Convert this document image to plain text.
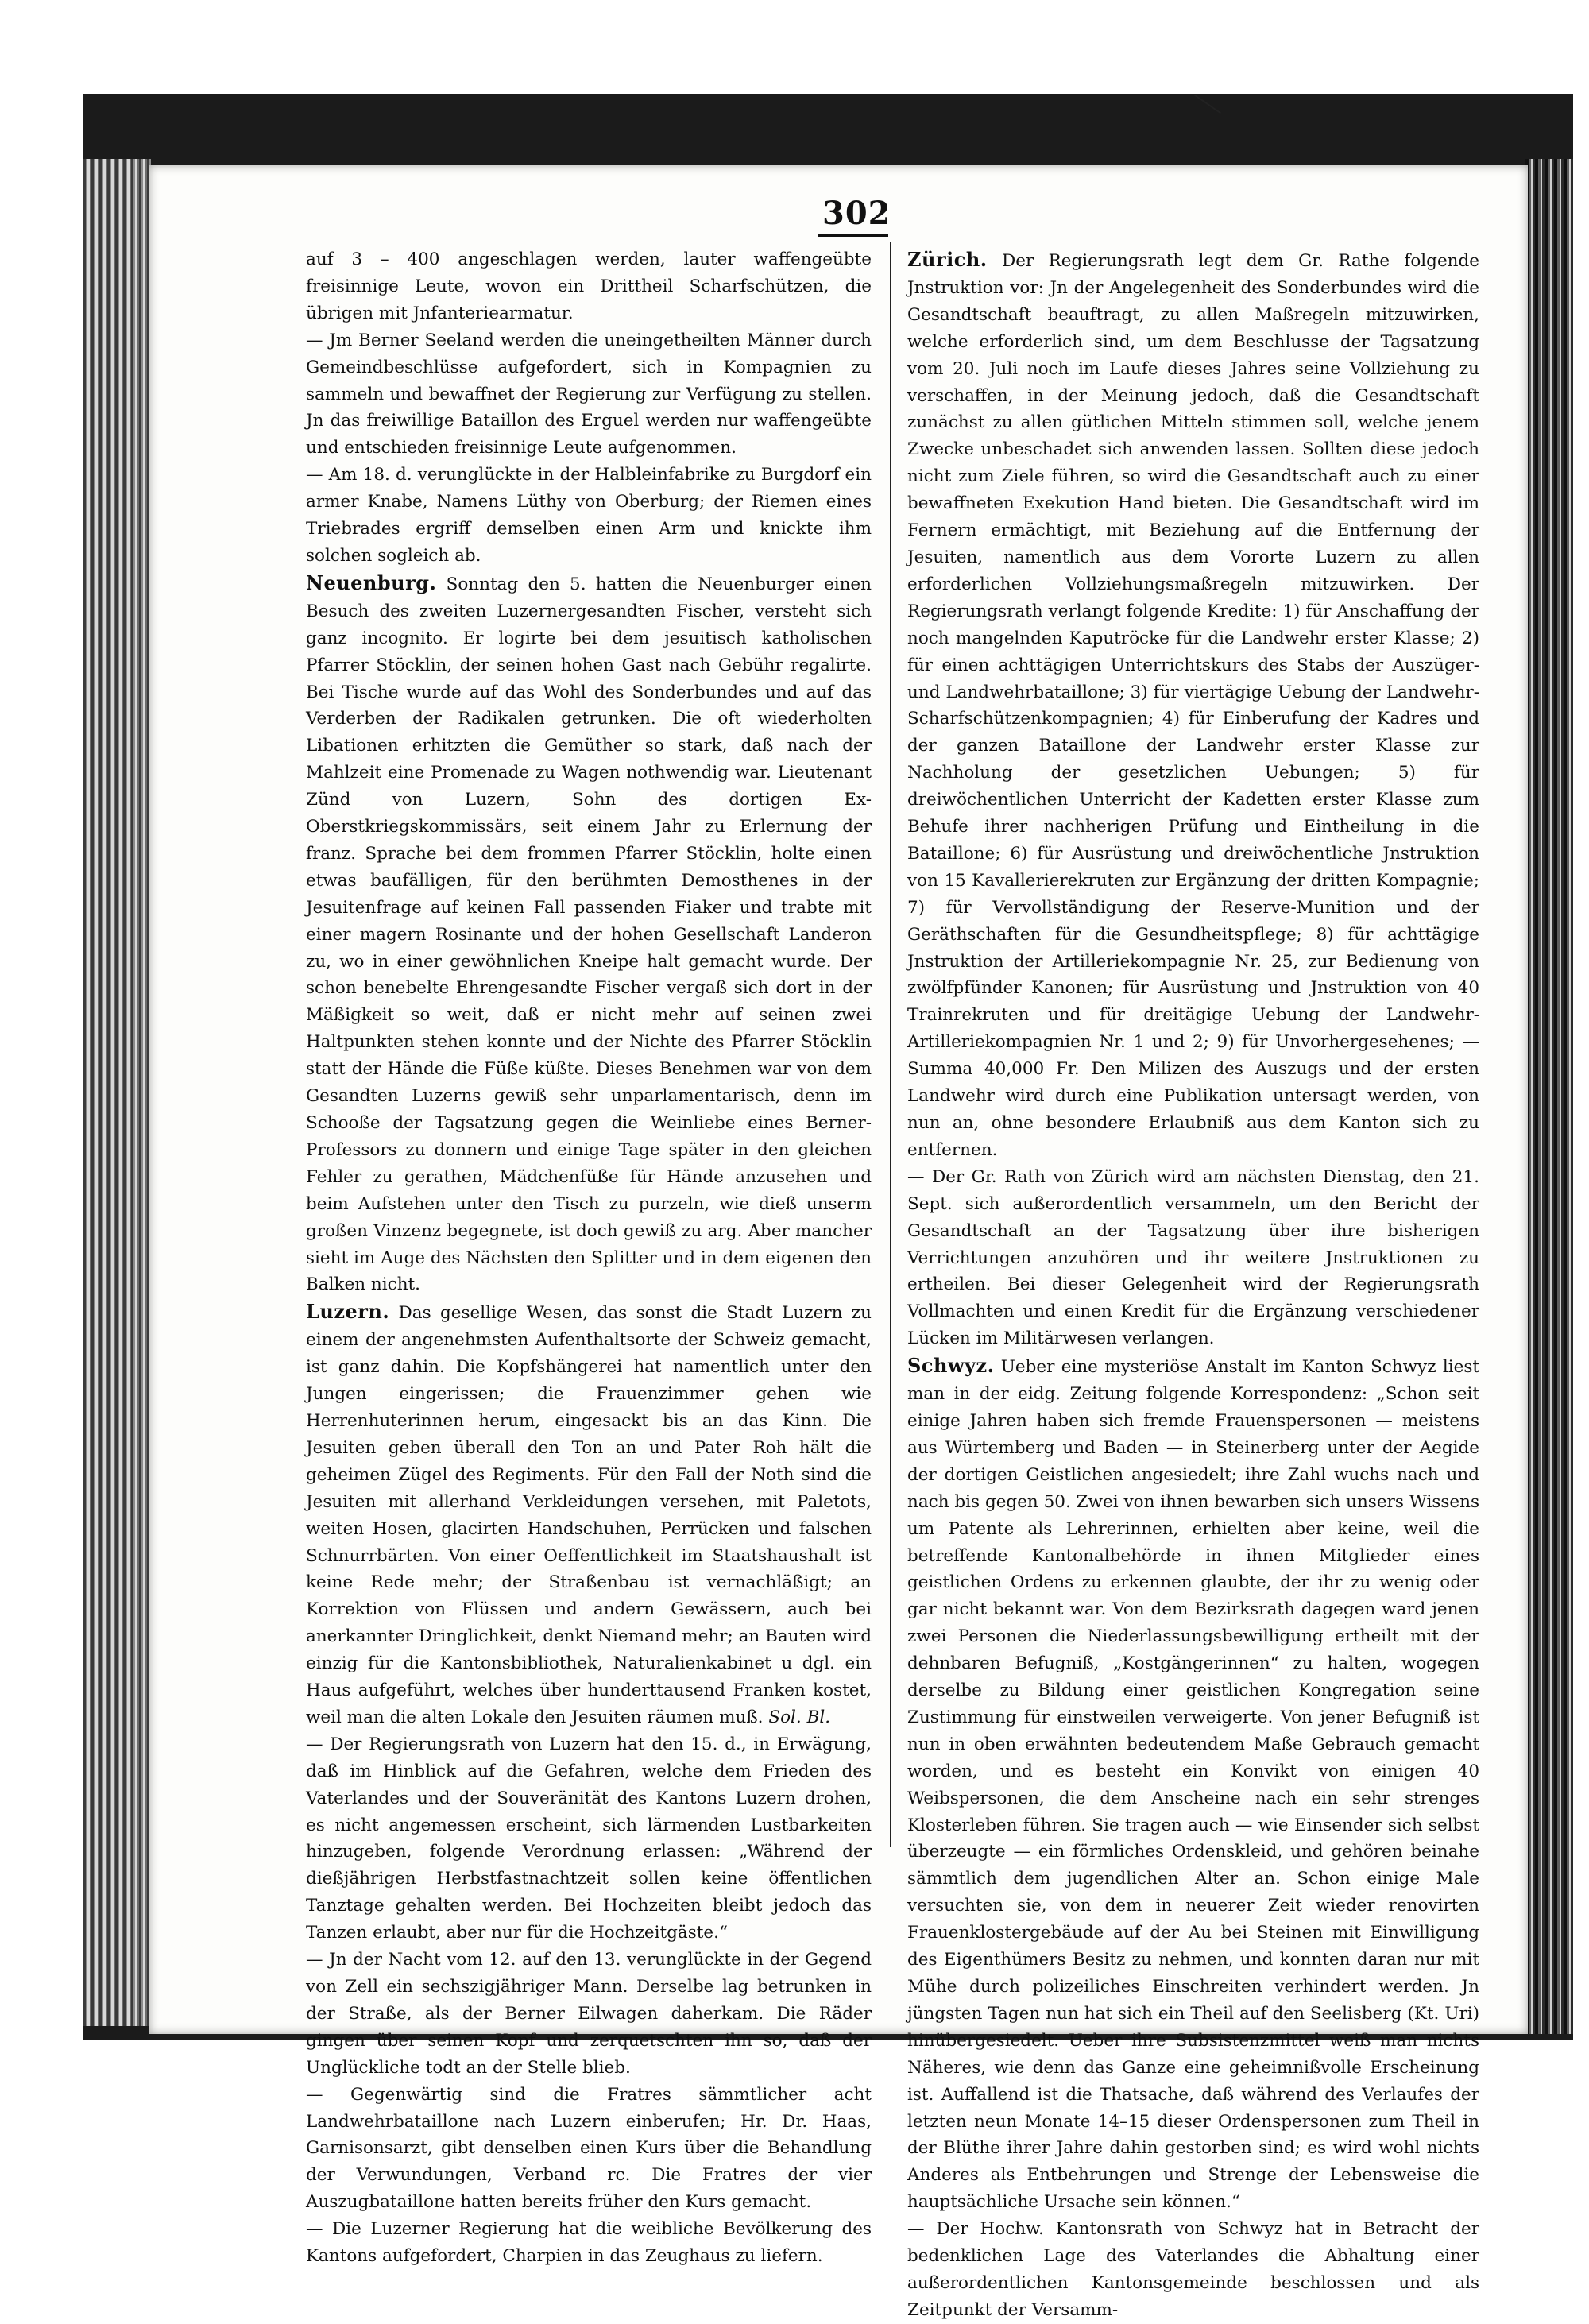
302

auf 3 – 400 angeschlagen werden, lauter waffengeübte freisinnige Leute, wovon ein Drittheil Scharfschützen, die übrigen mit Jnfanteriearmatur.

— Jm Berner Seeland werden die uneingetheilten Männer durch Gemeindbeschlüsse aufgefordert, sich in Kompagnien zu sammeln und bewaffnet der Regierung zur Verfügung zu stellen. Jn das freiwillige Bataillon des Erguel werden nur waffengeübte und entschieden freisinnige Leute aufgenommen.

— Am 18. d. verunglückte in der Halbleinfabrike zu Burgdorf ein armer Knabe, Namens Lüthy von Oberburg; der Riemen eines Triebrades ergriff demselben einen Arm und knickte ihm solchen sogleich ab.

Neuenburg. Sonntag den 5. hatten die Neuenburger einen Besuch des zweiten Luzernergesandten Fischer, versteht sich ganz incognito. Er logirte bei dem jesuitisch katholischen Pfarrer Stöcklin, der seinen hohen Gast nach Gebühr regalirte. Bei Tische wurde auf das Wohl des Sonderbundes und auf das Verderben der Radikalen getrunken. Die oft wiederholten Libationen erhitzten die Gemüther so stark, daß nach der Mahlzeit eine Promenade zu Wagen nothwendig war. Lieutenant Zünd von Luzern, Sohn des dortigen Ex-Oberstkriegskommissärs, seit einem Jahr zu Erlernung der franz. Sprache bei dem frommen Pfarrer Stöcklin, holte einen etwas baufälligen, für den berühmten Demosthenes in der Jesuitenfrage auf keinen Fall passenden Fiaker und trabte mit einer magern Rosinante und der hohen Gesellschaft Landeron zu, wo in einer gewöhnlichen Kneipe halt gemacht wurde. Der schon benebelte Ehrengesandte Fischer vergaß sich dort in der Mäßigkeit so weit, daß er nicht mehr auf seinen zwei Haltpunkten stehen konnte und der Nichte des Pfarrer Stöcklin statt der Hände die Füße küßte. Dieses Benehmen war von dem Gesandten Luzerns gewiß sehr unparlamentarisch, denn im Schooße der Tagsatzung gegen die Weinliebe eines Berner-Professors zu donnern und einige Tage später in den gleichen Fehler zu gerathen, Mädchenfüße für Hände anzusehen und beim Aufstehen unter den Tisch zu purzeln, wie dieß unserm großen Vinzenz begegnete, ist doch gewiß zu arg. Aber mancher sieht im Auge des Nächsten den Splitter und in dem eigenen den Balken nicht.

Luzern. Das gesellige Wesen, das sonst die Stadt Luzern zu einem der angenehmsten Aufenthaltsorte der Schweiz gemacht, ist ganz dahin. Die Kopfshängerei hat namentlich unter den Jungen eingerissen; die Frauenzimmer gehen wie Herrenhuterinnen herum, eingesackt bis an das Kinn. Die Jesuiten geben überall den Ton an und Pater Roh hält die geheimen Zügel des Regiments. Für den Fall der Noth sind die Jesuiten mit allerhand Verkleidungen versehen, mit Paletots, weiten Hosen, glacirten Handschuhen, Perrücken und falschen Schnurrbärten. Von einer Oeffentlichkeit im Staatshaushalt ist keine Rede mehr; der Straßenbau ist vernachläßigt; an Korrektion von Flüssen und andern Gewässern, auch bei anerkannter Dringlichkeit, denkt Niemand mehr; an Bauten wird einzig für die Kantonsbibliothek, Naturalienkabinet u dgl. ein Haus aufgeführt, welches über hunderttausend Franken kostet, weil man die alten Lokale den Jesuiten räumen muß. Sol. Bl.

— Der Regierungsrath von Luzern hat den 15. d., in Erwägung, daß im Hinblick auf die Gefahren, welche dem Frieden des Vaterlandes und der Souveränität des Kantons Luzern drohen, es nicht angemessen erscheint, sich lärmenden Lustbarkeiten hinzugeben, folgende Verordnung erlassen: „Während der dießjährigen Herbstfastnachtzeit sollen keine öffentlichen Tanztage gehalten werden. Bei Hochzeiten bleibt jedoch das Tanzen erlaubt, aber nur für die Hochzeitgäste.“

— Jn der Nacht vom 12. auf den 13. verunglückte in der Gegend von Zell ein sechszigjähriger Mann. Derselbe lag betrunken in der Straße, als der Berner Eilwagen daherkam. Die Räder gingen über seinen Kopf und zerquetschten ihn so, daß der Unglückliche todt an der Stelle blieb.

— Gegenwärtig sind die Fratres sämmtlicher acht Landwehrbataillone nach Luzern einberufen; Hr. Dr. Haas, Garnisonsarzt, gibt denselben einen Kurs über die Behandlung der Verwundungen, Verband rc. Die Fratres der vier Auszugbataillone hatten bereits früher den Kurs gemacht.

— Die Luzerner Regierung hat die weibliche Bevölkerung des Kantons aufgefordert, Charpien in das Zeughaus zu liefern.

Zürich. Der Regierungsrath legt dem Gr. Rathe folgende Jnstruktion vor: Jn der Angelegenheit des Sonderbundes wird die Gesandtschaft beauftragt, zu allen Maßregeln mitzuwirken, welche erforderlich sind, um dem Beschlusse der Tagsatzung vom 20. Juli noch im Laufe dieses Jahres seine Vollziehung zu verschaffen, in der Meinung jedoch, daß die Gesandtschaft zunächst zu allen gütlichen Mitteln stimmen soll, welche jenem Zwecke unbeschadet sich anwenden lassen. Sollten diese jedoch nicht zum Ziele führen, so wird die Gesandtschaft auch zu einer bewaffneten Exekution Hand bieten. Die Gesandtschaft wird im Fernern ermächtigt, mit Beziehung auf die Entfernung der Jesuiten, namentlich aus dem Vororte Luzern zu allen erforderlichen Vollziehungsmaßregeln mitzuwirken. Der Regierungsrath verlangt folgende Kredite: 1) für Anschaffung der noch mangelnden Kaputröcke für die Landwehr erster Klasse; 2) für einen achttägigen Unterrichtskurs des Stabs der Auszüger- und Landwehrbataillone; 3) für viertägige Uebung der Landwehr-Scharfschützenkompagnien; 4) für Einberufung der Kadres und der ganzen Bataillone der Landwehr erster Klasse zur Nachholung der gesetzlichen Uebungen; 5) für dreiwöchentlichen Unterricht der Kadetten erster Klasse zum Behufe ihrer nachherigen Prüfung und Eintheilung in die Bataillone; 6) für Ausrüstung und dreiwöchentliche Jnstruktion von 15 Kavallerierekruten zur Ergänzung der dritten Kompagnie; 7) für Vervollständigung der Reserve-Munition und der Geräthschaften für die Gesundheitspflege; 8) für achttägige Jnstruktion der Artilleriekompagnie Nr. 25, zur Bedienung von zwölfpfünder Kanonen; für Ausrüstung und Jnstruktion von 40 Trainrekruten und für dreitägige Uebung der Landwehr-Artilleriekompagnien Nr. 1 und 2; 9) für Unvorhergesehenes; — Summa 40,000 Fr. Den Milizen des Auszugs und der ersten Landwehr wird durch eine Publikation untersagt werden, von nun an, ohne besondere Erlaubniß aus dem Kanton sich zu entfernen.

— Der Gr. Rath von Zürich wird am nächsten Dienstag, den 21. Sept. sich außerordentlich versammeln, um den Bericht der Gesandtschaft an der Tagsatzung über ihre bisherigen Verrichtungen anzuhören und ihr weitere Jnstruktionen zu ertheilen. Bei dieser Gelegenheit wird der Regierungsrath Vollmachten und einen Kredit für die Ergänzung verschiedener Lücken im Militärwesen verlangen.

Schwyz. Ueber eine mysteriöse Anstalt im Kanton Schwyz liest man in der eidg. Zeitung folgende Korrespondenz: „Schon seit einige Jahren haben sich fremde Frauenspersonen — meistens aus Würtemberg und Baden — in Steinerberg unter der Aegide der dortigen Geistlichen angesiedelt; ihre Zahl wuchs nach und nach bis gegen 50. Zwei von ihnen bewarben sich unsers Wissens um Patente als Lehrerinnen, erhielten aber keine, weil die betreffende Kantonalbehörde in ihnen Mitglieder eines geistlichen Ordens zu erkennen glaubte, der ihr zu wenig oder gar nicht bekannt war. Von dem Bezirksrath dagegen ward jenen zwei Personen die Niederlassungsbewilligung ertheilt mit der dehnbaren Befugniß, „Kostgängerinnen“ zu halten, wogegen derselbe zu Bildung einer geistlichen Kongregation seine Zustimmung für einstweilen verweigerte. Von jener Befugniß ist nun in oben erwähnten bedeutendem Maße Gebrauch gemacht worden, und es besteht ein Konvikt von einigen 40 Weibspersonen, die dem Anscheine nach ein sehr strenges Klosterleben führen. Sie tragen auch — wie Einsender sich selbst überzeugte — ein förmliches Ordenskleid, und gehören beinahe sämmtlich dem jugendlichen Alter an. Schon einige Male versuchten sie, von dem in neuerer Zeit wieder renovirten Frauenklostergebäude auf der Au bei Steinen mit Einwilligung des Eigenthümers Besitz zu nehmen, und konnten daran nur mit Mühe durch polizeiliches Einschreiten verhindert werden. Jn jüngsten Tagen nun hat sich ein Theil auf den Seelisberg (Kt. Uri) hinübergesiedelt. Ueber ihre Subsistenzmittel weiß man nichts Näheres, wie denn das Ganze eine geheimnißvolle Erscheinung ist. Auffallend ist die Thatsache, daß während des Verlaufes der letzten neun Monate 14–15 dieser Ordenspersonen zum Theil in der Blüthe ihrer Jahre dahin gestorben sind; es wird wohl nichts Anderes als Entbehrungen und Strenge der Lebensweise die hauptsächliche Ursache sein können.“

— Der Hochw. Kantonsrath von Schwyz hat in Betracht der bedenklichen Lage des Vaterlandes die Abhaltung einer außerordentlichen Kantonsgemeinde beschlossen und als Zeitpunkt der Versamm-
